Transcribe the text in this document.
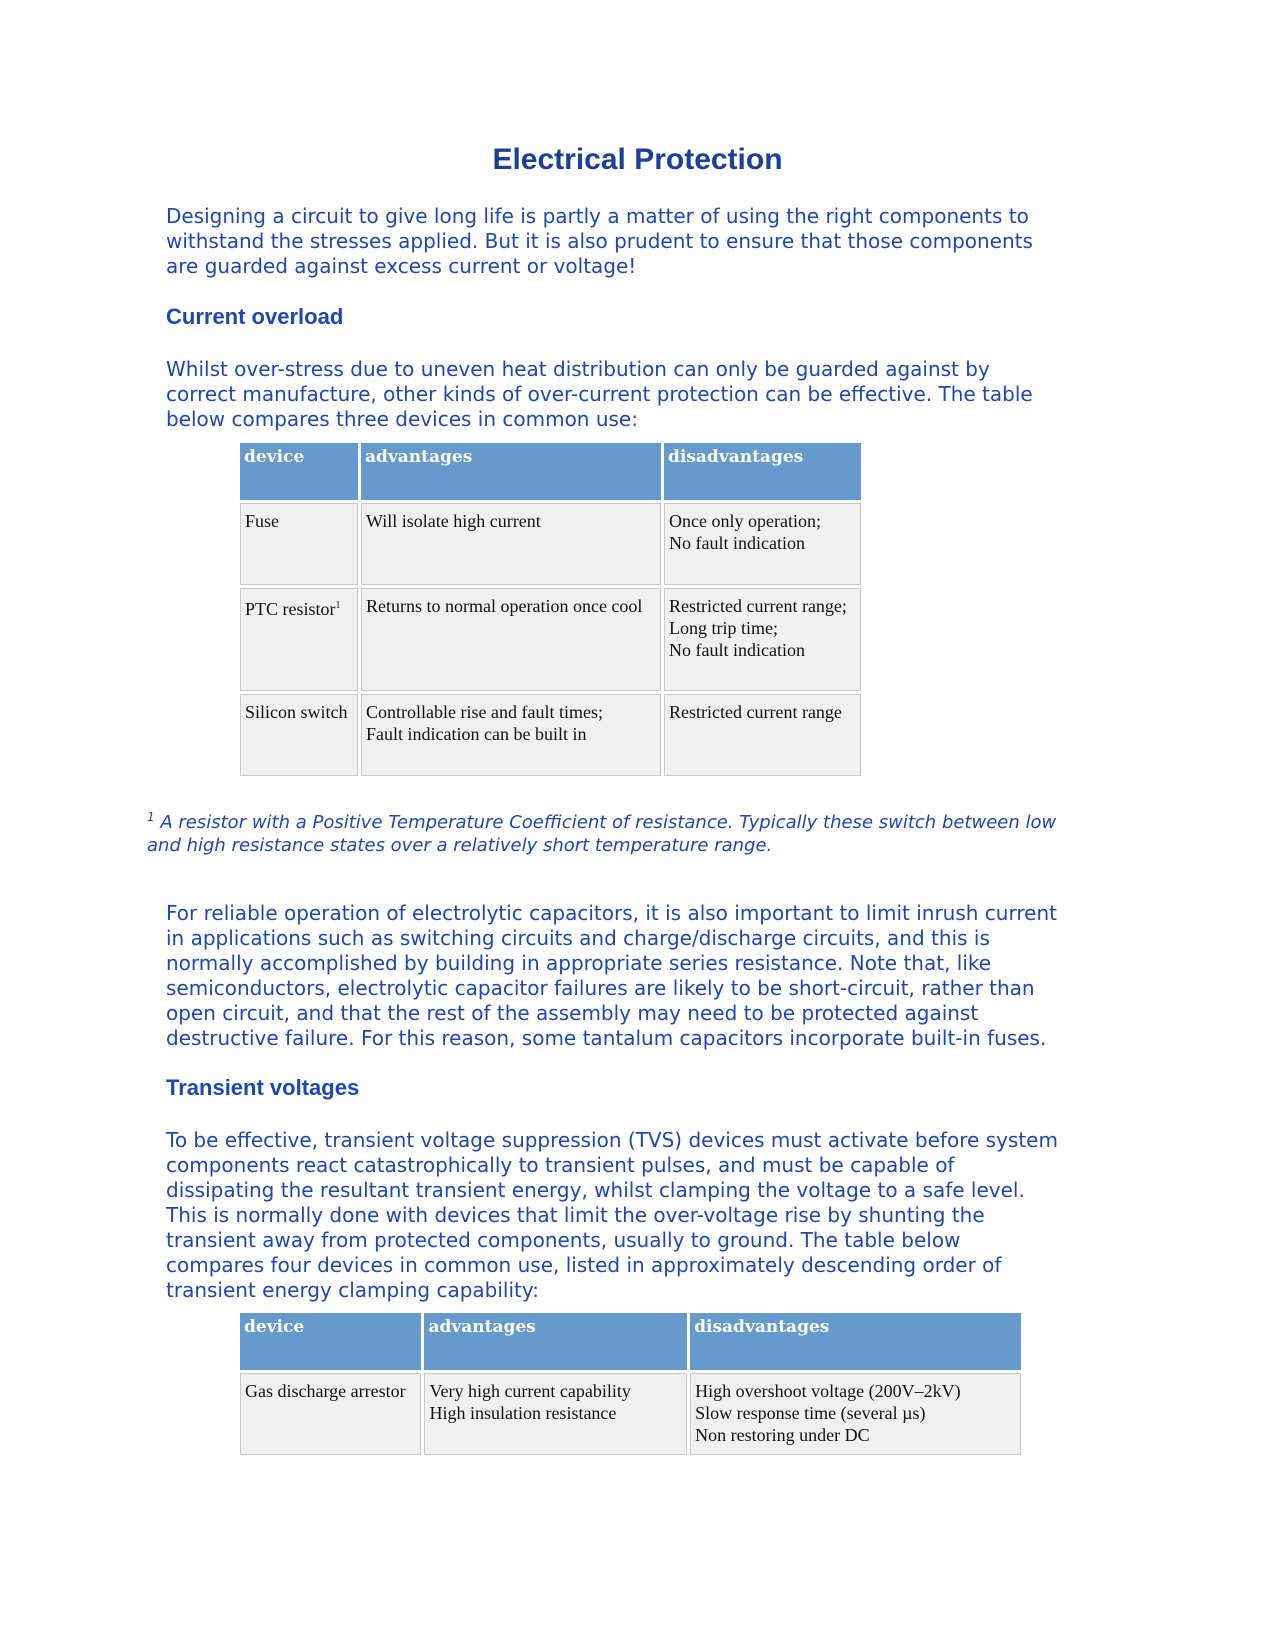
Electrical Protection

Designing a circuit to give long life is partly a matter of using the right components to
withstand the stresses applied. But it is also prudent to ensure that those components
are guarded against excess current or voltage!

Current overload

Whilst over-stress due to uneven heat distribution can only be guarded against by
correct manufacture, other kinds of over-current protection can be effective. The table
below compares three devices in common use:

device	advantages	disadvantages
Fuse	Will isolate high current	Once only operation;
No fault indication
PTC resistor$^1$	Returns to normal operation once cool	Restricted current range;
Long trip time;
No fault indication
Silicon switch	Controllable rise and fault times;
Fault indication can be built in	Restricted current range

$^1$ A resistor with a Positive Temperature Coefficient of resistance. Typically these switch between low
and high resistance states over a relatively short temperature range.

For reliable operation of electrolytic capacitors, it is also important to limit inrush current
in applications such as switching circuits and charge/discharge circuits, and this is
normally accomplished by building in appropriate series resistance. Note that, like
semiconductors, electrolytic capacitor failures are likely to be short-circuit, rather than
open circuit, and that the rest of the assembly may need to be protected against
destructive failure. For this reason, some tantalum capacitors incorporate built-in fuses.

Transient voltages

To be effective, transient voltage suppression (TVS) devices must activate before system
components react catastrophically to transient pulses, and must be capable of
dissipating the resultant transient energy, whilst clamping the voltage to a safe level.
This is normally done with devices that limit the over-voltage rise by shunting the
transient away from protected components, usually to ground. The table below
compares four devices in common use, listed in approximately descending order of
transient energy clamping capability:

device	advantages	disadvantages
Gas discharge arrestor	Very high current capability
High insulation resistance	High overshoot voltage (200V–2kV)
Slow response time (several µs)
Non restoring under DC
